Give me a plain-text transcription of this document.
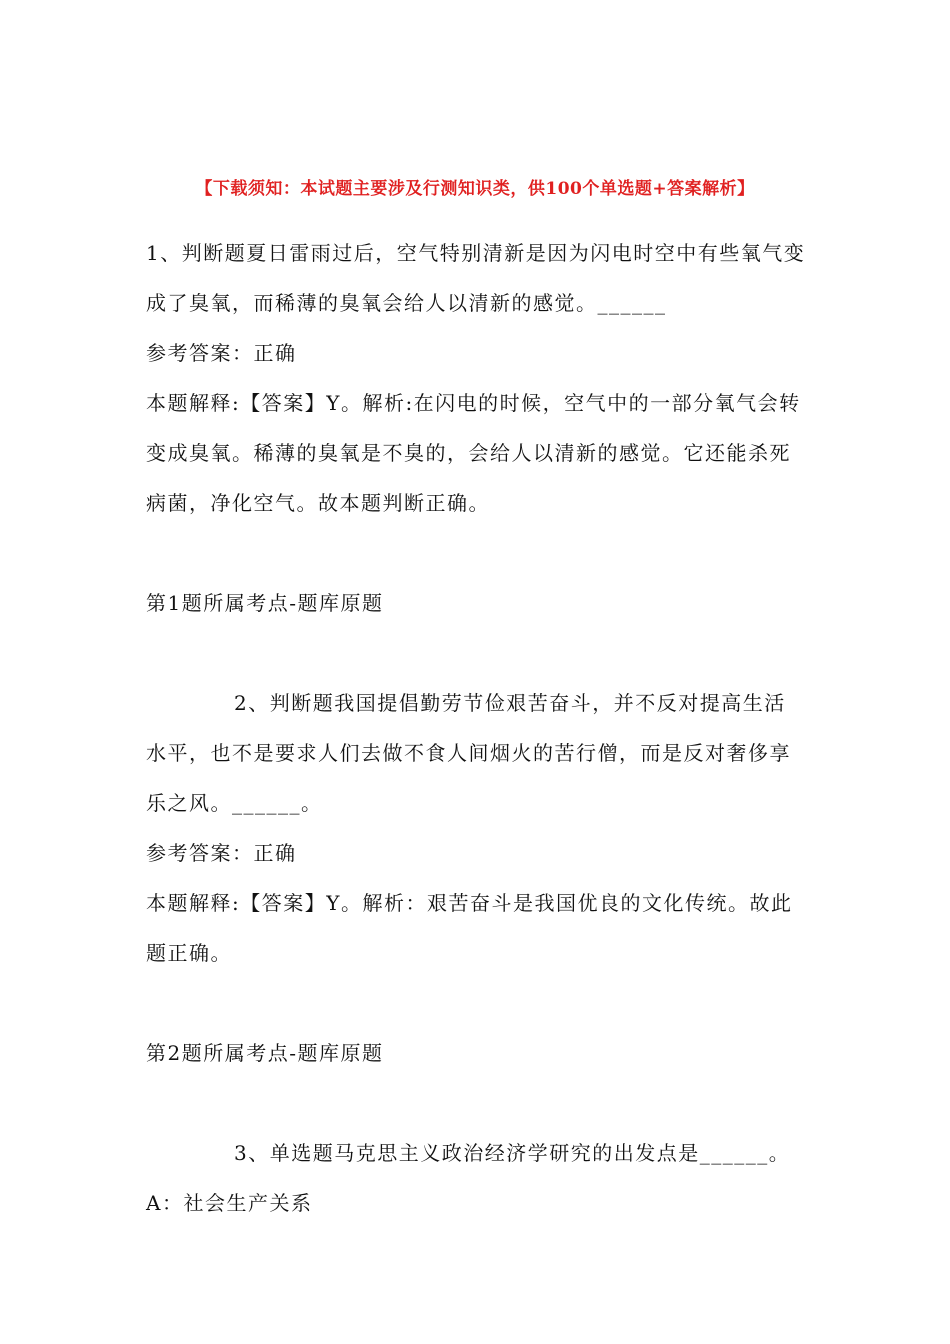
【下载须知：本试题主要涉及行测知识类，供100个单选题+答案解析】

1、判断题夏日雷雨过后，空气特别清新是因为闪电时空中有些氧气变成了臭氧，而稀薄的臭氧会给人以清新的感觉。______

参考答案：正确

本题解释:【答案】Y。解析:在闪电的时候，空气中的一部分氧气会转变成臭氧。稀薄的臭氧是不臭的，会给人以清新的感觉。它还能杀死病菌，净化空气。故本题判断正确。

第1题所属考点-题库原题

2、判断题我国提倡勤劳节俭艰苦奋斗，并不反对提高生活水平，也不是要求人们去做不食人间烟火的苦行僧，而是反对奢侈享乐之风。______。

参考答案：正确

本题解释:【答案】Y。解析：艰苦奋斗是我国优良的文化传统。故此题正确。

第2题所属考点-题库原题

3、单选题马克思主义政治经济学研究的出发点是______。

A：社会生产关系
